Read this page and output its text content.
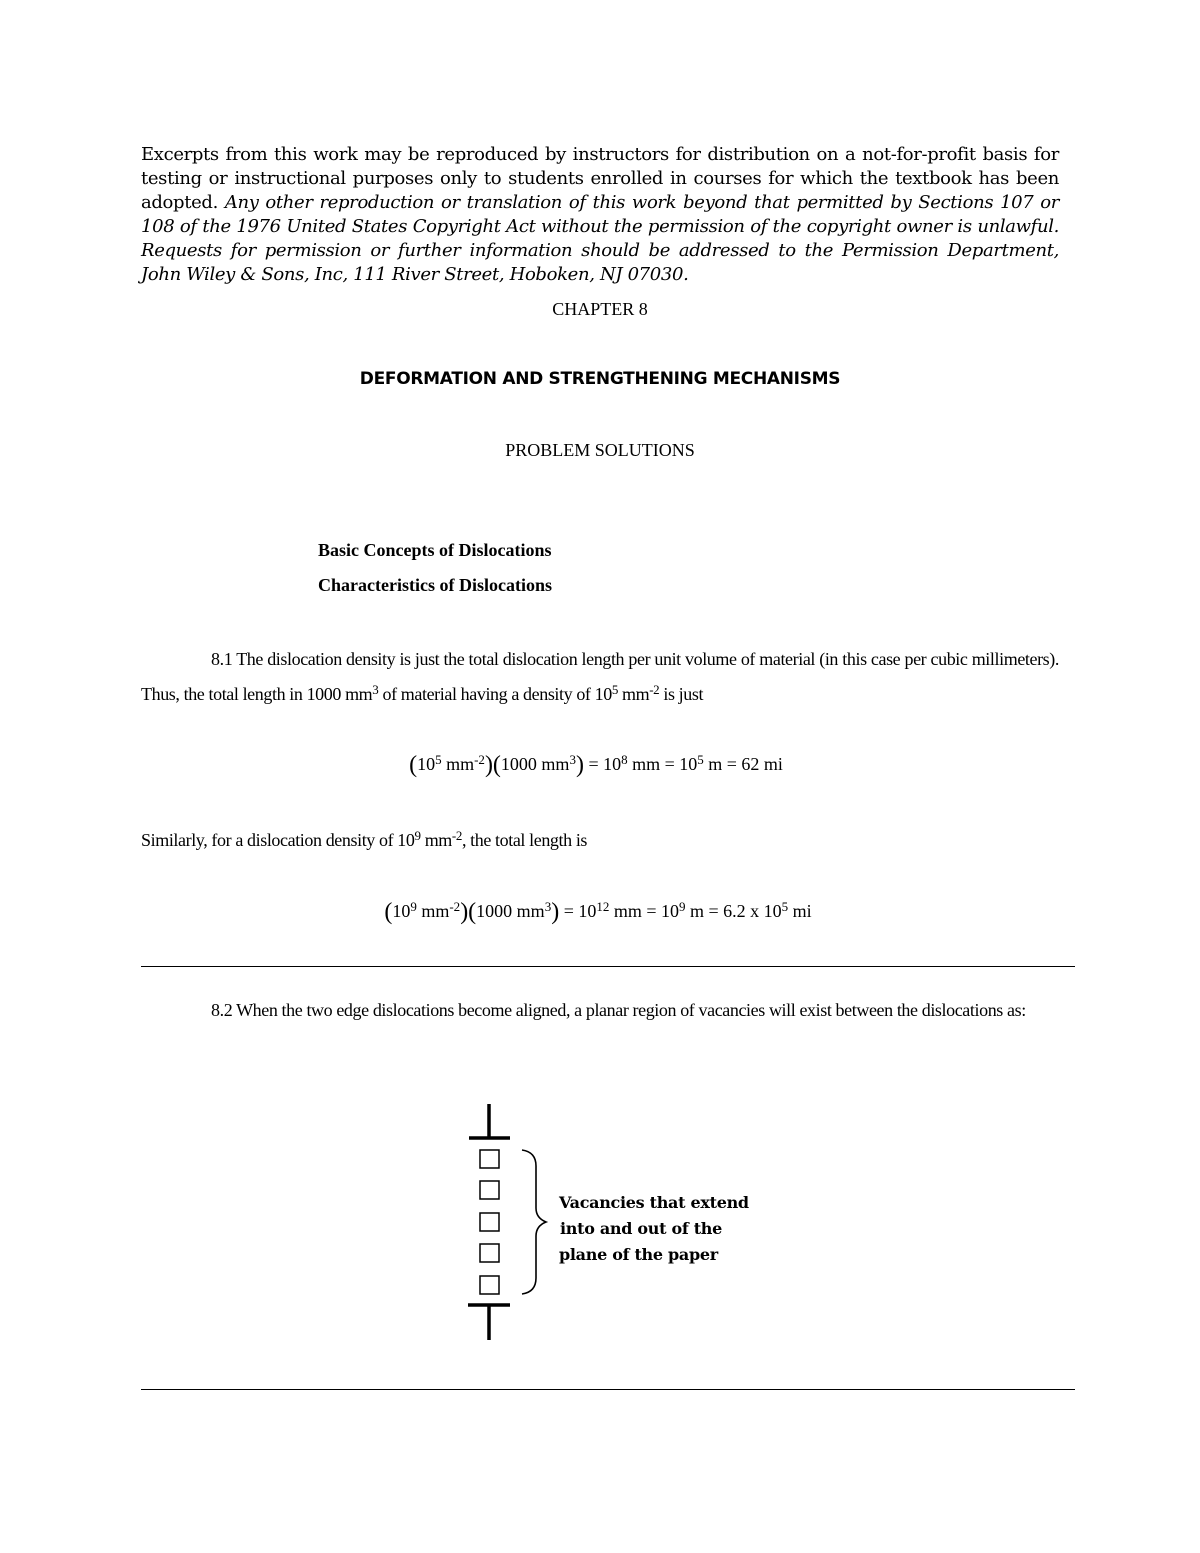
Excerpts from this work may be reproduced by instructors for distribution on a not-for-profit basis for testing or instructional purposes only to students enrolled in courses for which the textbook has been adopted. Any other reproduction or translation of this work beyond that permitted by Sections 107 or 108 of the 1976 United States Copyright Act without the permission of the copyright owner is unlawful. Requests for permission or further information should be addressed to the Permission Department, John Wiley & Sons, Inc, 111 River Street, Hoboken, NJ 07030.
CHAPTER 8
DEFORMATION AND STRENGTHENING MECHANISMS
PROBLEM SOLUTIONS
Basic Concepts of Dislocations
Characteristics of Dislocations
8.1 The dislocation density is just the total dislocation length per unit volume of material (in this case per cubic millimeters). Thus, the total length in 1000 $mm^3$ of material having a density of $10^5$ $mm^{-2}$ is just
($10^5$ $mm^{-2})(1000$ $mm^3) = 10^8$ mm = $10^5$ m = 62 mi
Similarly, for a dislocation density of $10^9$ $mm^{-2}$, the total length is
($10^9$ $mm^{-2})(1000$ $mm^3) = 10^{12}$ mm = $10^9$ m = 6.2 x $10^5$ mi
8.2 When the two edge dislocations become aligned, a planar region of vacancies will exist between the dislocations as:
Vacancies that extend
into and out of the
plane of the paper
